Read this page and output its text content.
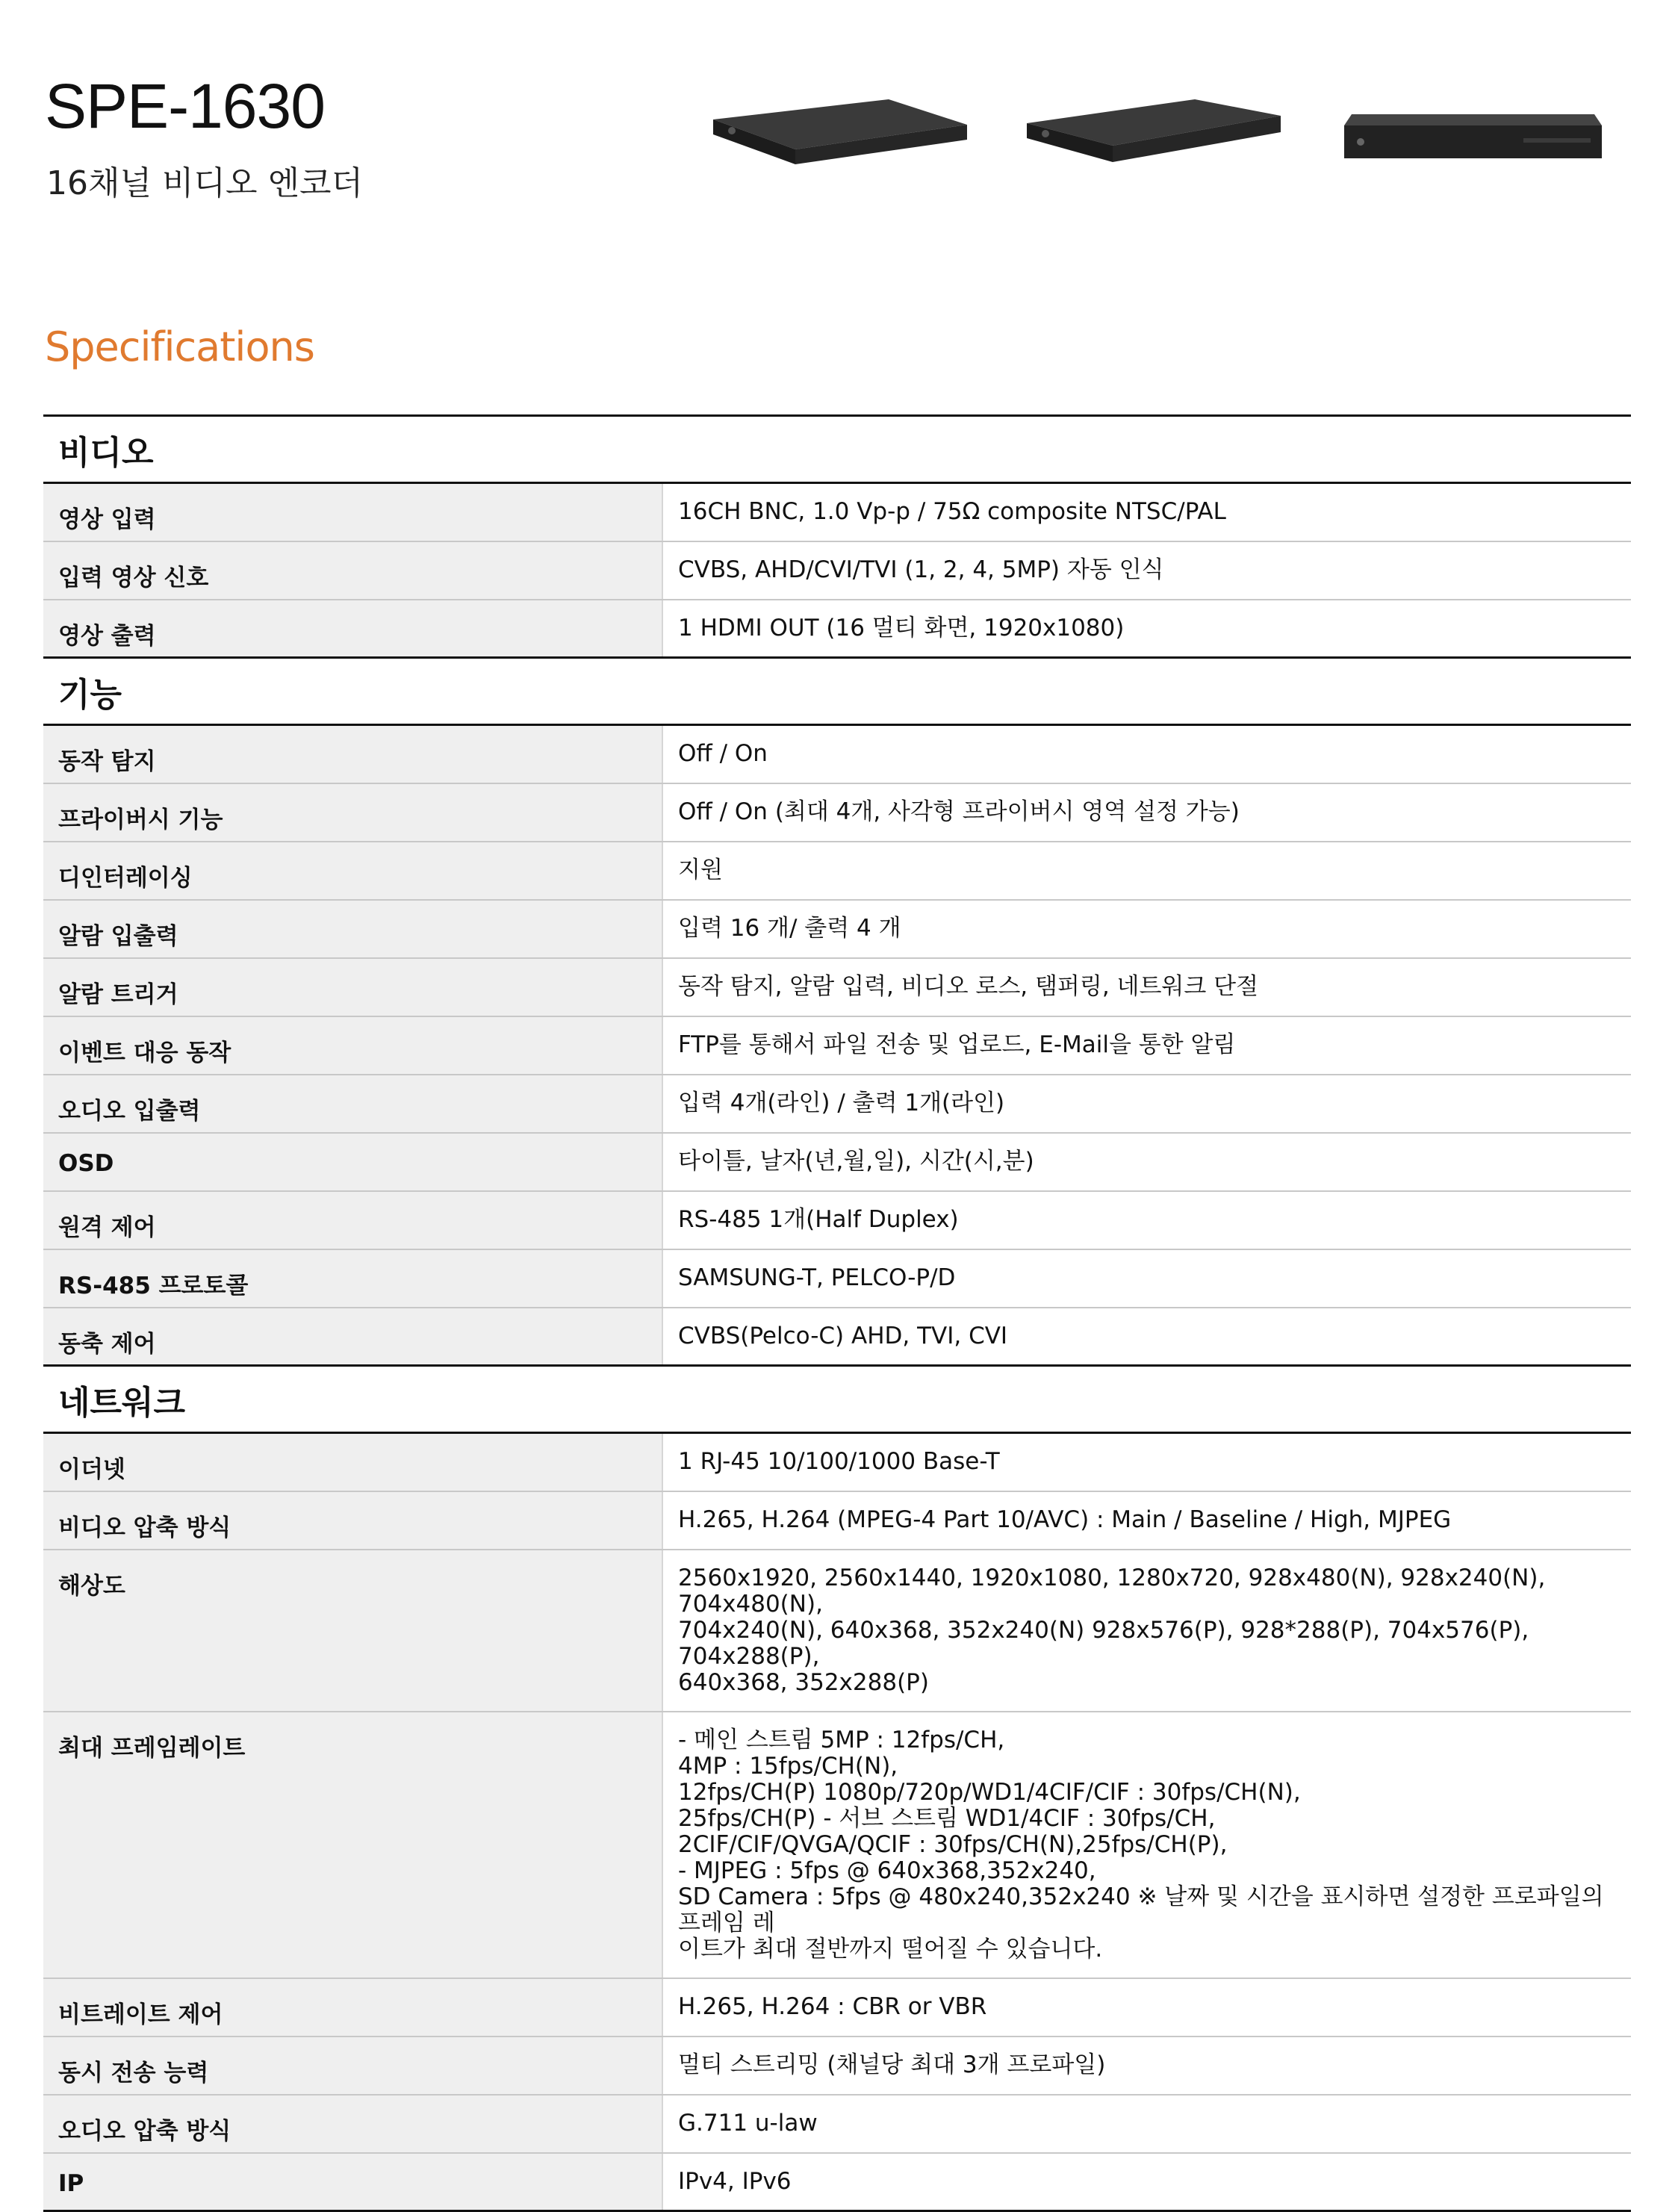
SPE-1630
16채널 비디오 엔코더
Specifications
비디오
영상 입력	16CH BNC, 1.0 Vp-p / 75Ω composite NTSC/PAL
입력 영상 신호	CVBS, AHD/CVI/TVI (1, 2, 4, 5MP) 자동 인식
영상 출력	1 HDMI OUT (16 멀티 화면, 1920x1080)
기능
동작 탐지	Off / On
프라이버시 기능	Off / On (최대 4개, 사각형 프라이버시 영역 설정 가능)
디인터레이싱	지원
알람 입출력	입력 16 개/ 출력 4 개
알람 트리거	동작 탐지, 알람 입력, 비디오 로스, 탬퍼링, 네트워크 단절
이벤트 대응 동작	FTP를 통해서 파일 전송 및 업로드, E-Mail을 통한 알림
오디오 입출력	입력 4개(라인) / 출력 1개(라인)
OSD	타이틀, 날자(년,월,일), 시간(시,분)
원격 제어	RS-485 1개(Half Duplex)
RS-485 프로토콜	SAMSUNG-T, PELCO-P/D
동축 제어	CVBS(Pelco-C) AHD, TVI, CVI
네트워크
이더넷	1 RJ-45 10/100/1000 Base-T
비디오 압축 방식	H.265, H.264 (MPEG-4 Part 10/AVC) : Main / Baseline / High, MJPEG
해상도	2560x1920, 2560x1440, 1920x1080, 1280x720, 928x480(N), 928x240(N), 704x480(N),
704x240(N), 640x368, 352x240(N) 928x576(P), 928*288(P), 704x576(P), 704x288(P),
640x368, 352x288(P)
최대 프레임레이트	- 메인 스트림 5MP : 12fps/CH,
4MP : 15fps/CH(N),
12fps/CH(P) 1080p/720p/WD1/4CIF/CIF : 30fps/CH(N),
25fps/CH(P) - 서브 스트림 WD1/4CIF : 30fps/CH,
2CIF/CIF/QVGA/QCIF : 30fps/CH(N),25fps/CH(P),
- MJPEG : 5fps @ 640x368,352x240,
SD Camera : 5fps @ 480x240,352x240 ※ 날짜 및 시간을 표시하면 설정한 프로파일의 프레임 레
이트가 최대 절반까지 떨어질 수 있습니다.
비트레이트 제어	H.265, H.264 : CBR or VBR
동시 전송 능력	멀티 스트리밍 (채널당 최대 3개 프로파일)
오디오 압축 방식	G.711 u-law
IP	IPv4, IPv6
